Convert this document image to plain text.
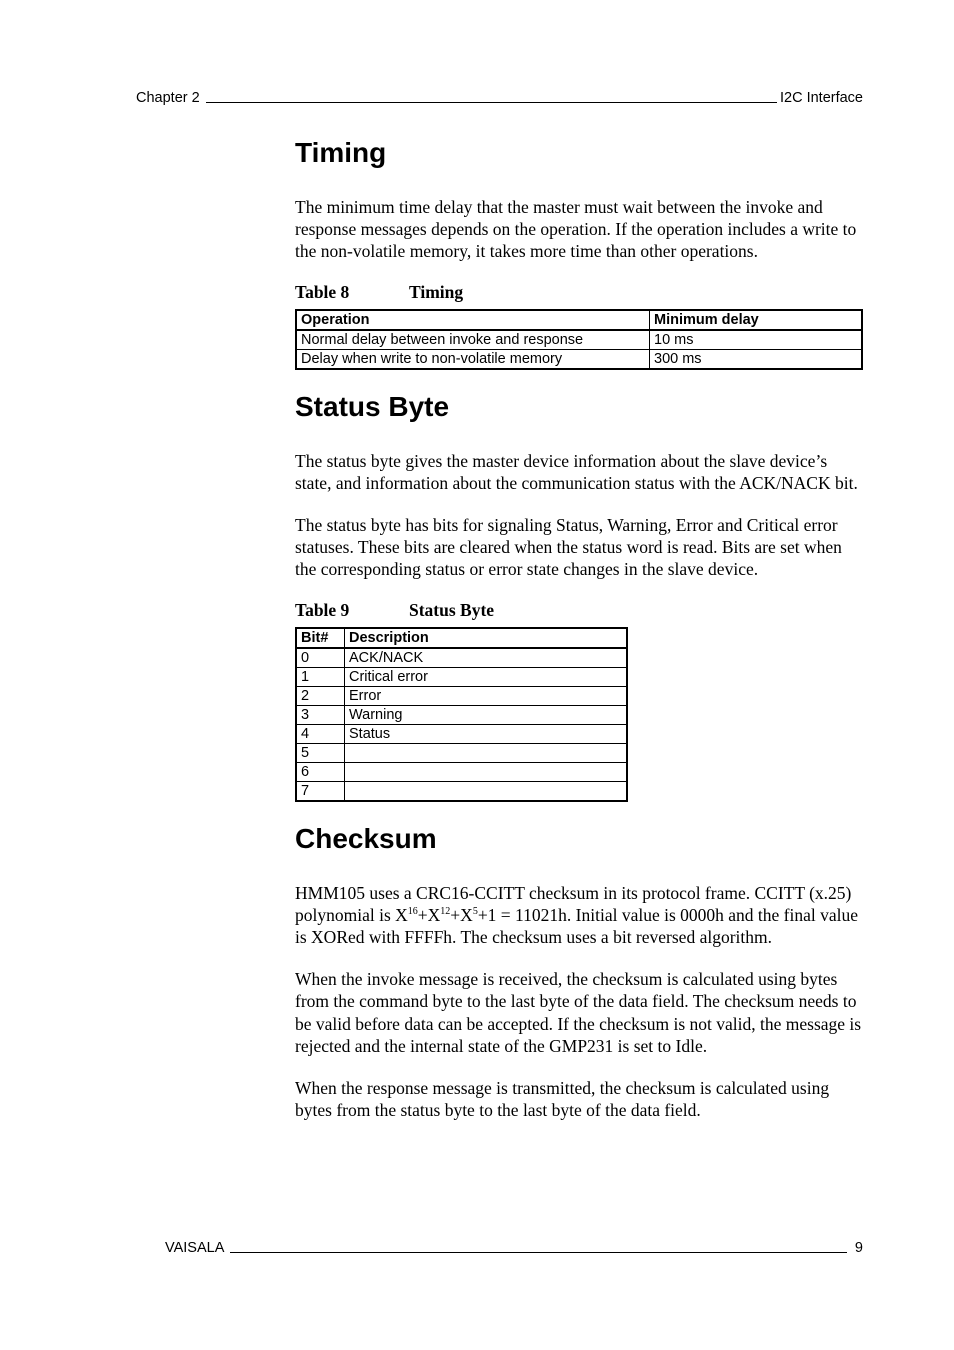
Chapter 2	I2C Interface
Timing

The minimum time delay that the master must wait between the invoke and response messages depends on the operation. If the operation includes a write to the non-volatile memory, it takes more time than other operations.

Table 8	Timing
Operation	Minimum delay
Normal delay between invoke and response	10 ms
Delay when write to non-volatile memory	300 ms
Status Byte

The status byte gives the master device information about the slave device’s state, and information about the communication status with the ACK/NACK bit.

The status byte has bits for signaling Status, Warning, Error and Critical error statuses. These bits are cleared when the status word is read. Bits are set when the corresponding status or error state changes in the slave device.

Table 9	Status Byte
Bit#	Description
0	ACK/NACK
1	Critical error
2	Error
3	Warning
4	Status
5	
6	
7	
Checksum

HMM105 uses a CRC16-CCITT checksum in its protocol frame. CCITT (x.25) polynomial is $X^{16}+X^{12}+X^5+1 = 11021h$. Initial value is 0000h and the final value is XORed with FFFFh. The checksum uses a bit reversed algorithm.

When the invoke message is received, the checksum is calculated using bytes from the command byte to the last byte of the data field. The checksum needs to be valid before data can be accepted. If the checksum is not valid, the message is rejected and the internal state of the GMP231 is set to Idle.

When the response message is transmitted, the checksum is calculated using bytes from the status byte to the last byte of the data field.

VAISALA	9
